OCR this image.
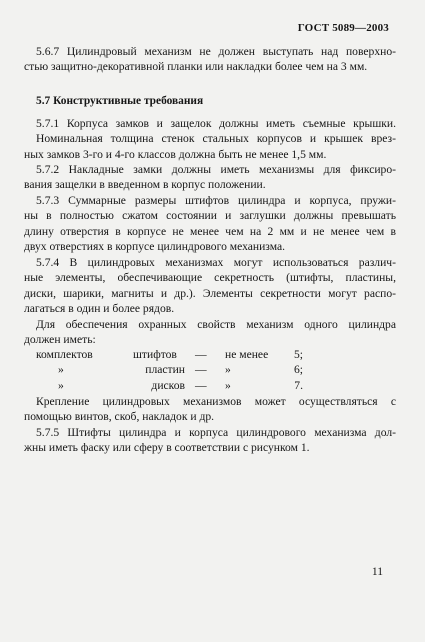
ГОСТ 5089—2003
5.6.7 Цилиндровый механизм не должен выступать над поверхно-
стью защитно-декоративной планки или накладки более чем на 3 мм.
5.7 Конструктивные требования
5.7.1 Корпуса замков и защелок должны иметь съемные крышки.
Номинальная толщина стенок стальных корпусов и крышек врез-
ных замков 3-го и 4-го классов должна быть не менее 1,5 мм.
5.7.2 Накладные замки должны иметь механизмы для фиксиро-
вания защелки в введенном в корпус положении.
5.7.3 Суммарные размеры штифтов цилиндра и корпуса, пружи-
ны в полностью сжатом состоянии и заглушки должны превышать
длину отверстия в корпусе не менее чем на 2 мм и не менее чем в
двух отверстиях в корпусе цилиндрового механизма.
5.7.4 В цилиндровых механизмах могут использоваться различ-
ные элементы, обеспечивающие секретность (штифты, пластины,
диски, шарики, магниты и др.). Элементы секретности могут распо-
лагаться в один и более рядов.
Для обеспечения охранных свойств механизм одного цилиндра
должен иметь:
комплектов	штифтов	—	не менее	5;
»	пластин —	»	6;
»	дисков —	»	7.
Крепление цилиндровых механизмов может осуществляться с
помощью винтов, скоб, накладок и др.
5.7.5 Штифты цилиндра и корпуса цилиндрового механизма дол-
жны иметь фаску или сферу в соответствии с рисунком 1.
11
